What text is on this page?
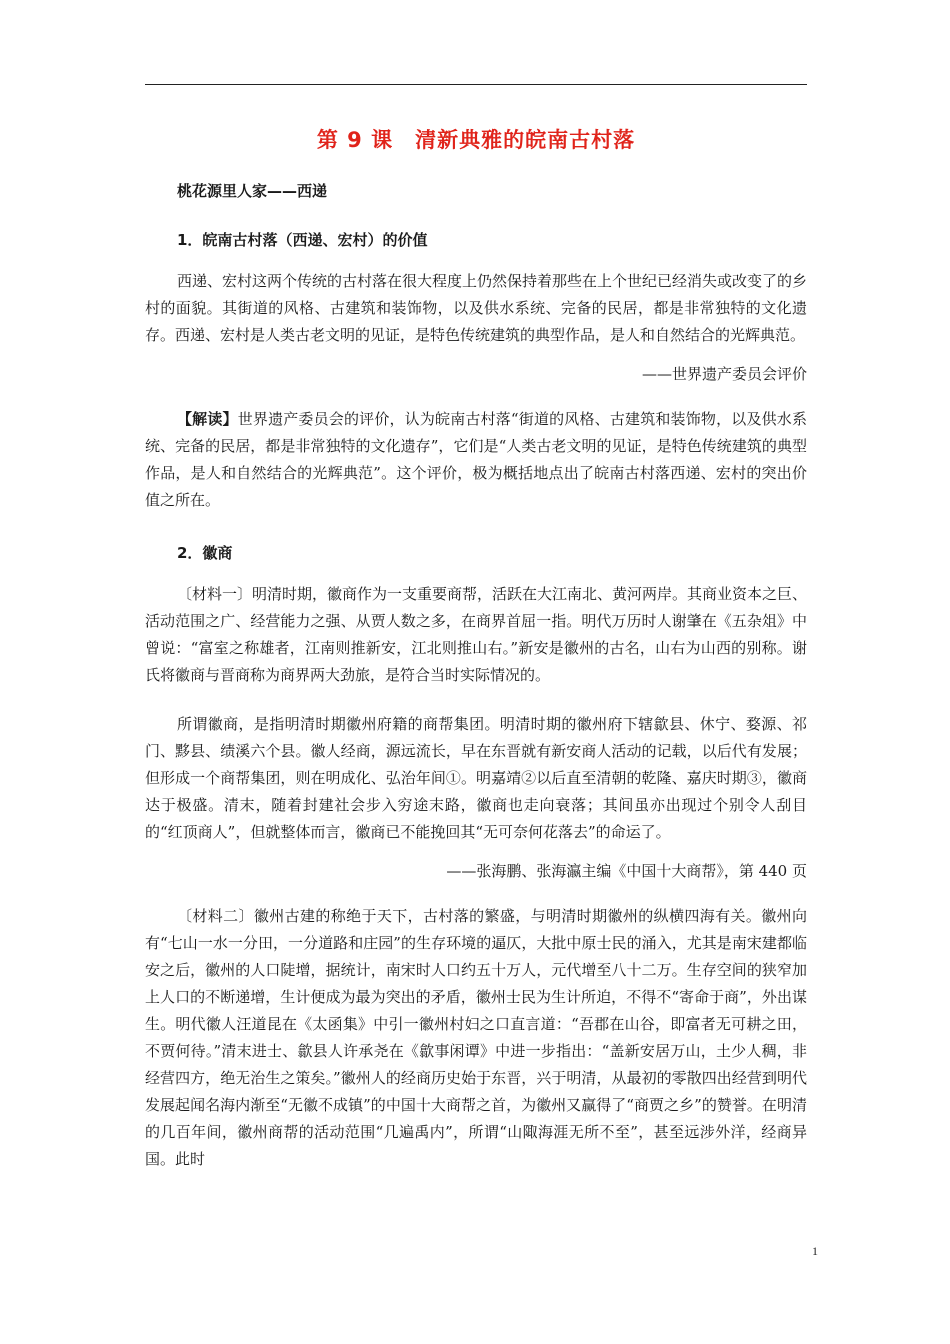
第 9 课　清新典雅的皖南古村落
桃花源里人家——西递
1．皖南古村落（西递、宏村）的价值

西递、宏村这两个传统的古村落在很大程度上仍然保持着那些在上个世纪已经消失或改变了的乡村的面貌。其街道的风格、古建筑和装饰物，以及供水系统、完备的民居，都是非常独特的文化遗存。西递、宏村是人类古老文明的见证，是特色传统建筑的典型作品，是人和自然结合的光辉典范。

——世界遗产委员会评价

【解读】世界遗产委员会的评价，认为皖南古村落“街道的风格、古建筑和装饰物，以及供水系统、完备的民居，都是非常独特的文化遗存”，它们是“人类古老文明的见证，是特色传统建筑的典型作品，是人和自然结合的光辉典范”。这个评价，极为概括地点出了皖南古村落西递、宏村的突出价值之所在。

2．徽商

〔材料一〕明清时期，徽商作为一支重要商帮，活跃在大江南北、黄河两岸。其商业资本之巨、活动范围之广、经营能力之强、从贾人数之多，在商界首屈一指。明代万历时人谢肇在《五杂俎》中曾说：“富室之称雄者，江南则推新安，江北则推山右。”新安是徽州的古名，山右为山西的别称。谢氏将徽商与晋商称为商界两大劲旅，是符合当时实际情况的。

所谓徽商，是指明清时期徽州府籍的商帮集团。明清时期的徽州府下辖歙县、休宁、婺源、祁门、黟县、绩溪六个县。徽人经商，源远流长，早在东晋就有新安商人活动的记载，以后代有发展；但形成一个商帮集团，则在明成化、弘治年间①。明嘉靖②以后直至清朝的乾隆、嘉庆时期③，徽商达于极盛。清末，随着封建社会步入穷途末路，徽商也走向衰落；其间虽亦出现过个别令人刮目的“红顶商人”，但就整体而言，徽商已不能挽回其“无可奈何花落去”的命运了。

——张海鹏、张海瀛主编《中国十大商帮》，第 440 页

〔材料二〕徽州古建的称绝于天下，古村落的繁盛，与明清时期徽州的纵横四海有关。徽州向有“七山一水一分田，一分道路和庄园”的生存环境的逼仄，大批中原士民的涌入，尤其是南宋建都临安之后，徽州的人口陡增，据统计，南宋时人口约五十万人，元代增至八十二万。生存空间的狭窄加上人口的不断递增，生计便成为最为突出的矛盾，徽州士民为生计所迫，不得不“寄命于商”，外出谋生。明代徽人汪道昆在《太函集》中引一徽州村妇之口直言道：“吾郡在山谷，即富者无可耕之田，不贾何待。”清末进士、歙县人许承尧在《歙事闲谭》中进一步指出：“盖新安居万山，土少人稠，非经营四方，绝无治生之策矣。”徽州人的经商历史始于东晋，兴于明清，从最初的零散四出经营到明代发展起闻名海内渐至“无徽不成镇”的中国十大商帮之首，为徽州又赢得了“商贾之乡”的赞誉。在明清的几百年间，徽州商帮的活动范围“几遍禹内”，所谓“山陬海涯无所不至”，甚至远涉外洋，经商异国。此时

1
